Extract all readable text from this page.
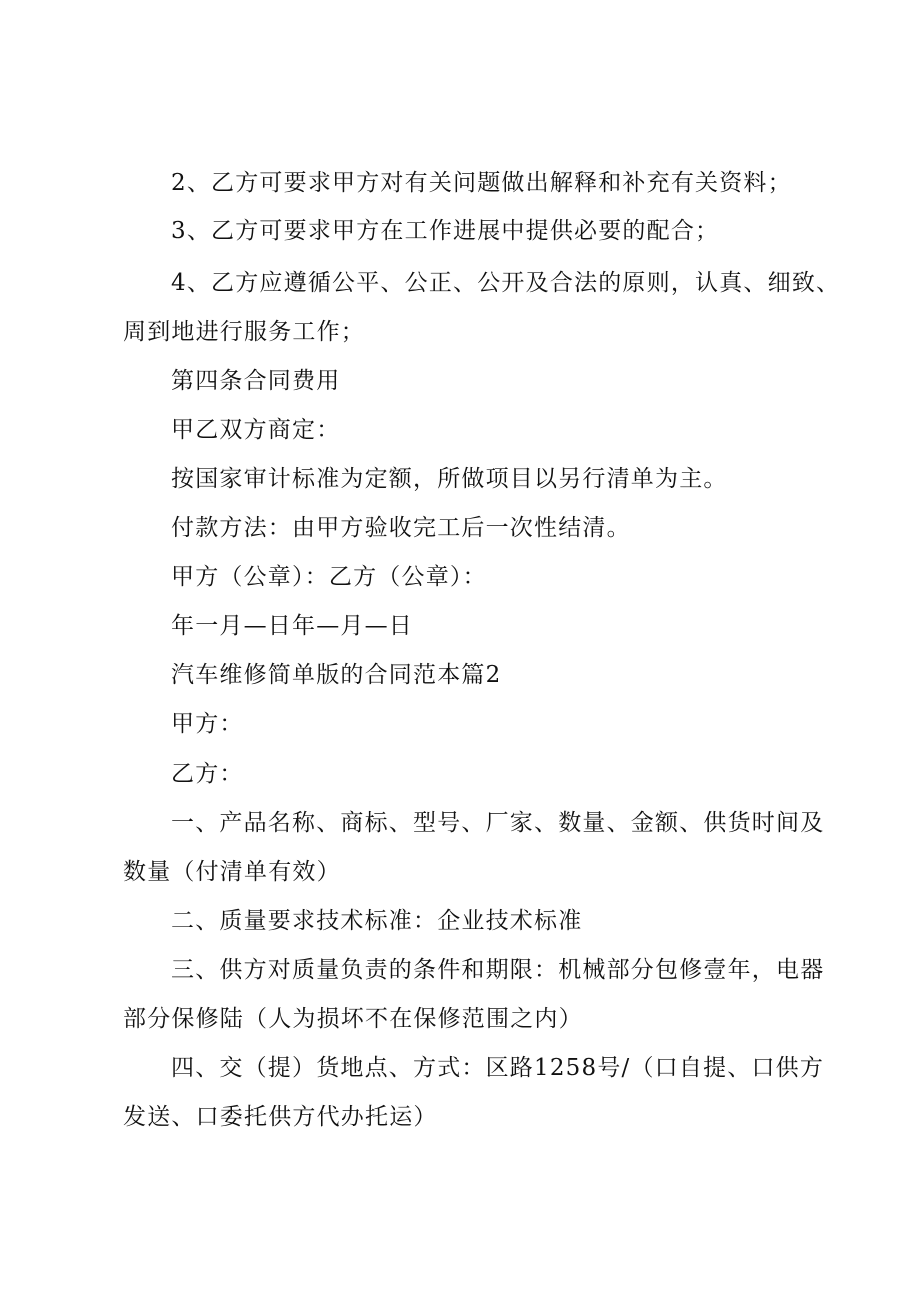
2、乙方可要求甲方对有关问题做出解释和补充有关资料；
3、乙方可要求甲方在工作进展中提供必要的配合；
4、乙方应遵循公平、公正、公开及合法的原则，认真、细致、
周到地进行服务工作；
第四条合同费用
甲乙双方商定：
按国家审计标准为定额，所做项目以另行清单为主。
付款方法：由甲方验收完工后一次性结清。
甲方（公章）：乙方（公章）：
年一月—日年—月—日
汽车维修简单版的合同范本篇2
甲方：
乙方：
一、产品名称、商标、型号、厂家、数量、金额、供货时间及
数量（付清单有效）
二、质量要求技术标准：企业技术标准
三、供方对质量负责的条件和期限：机械部分包修壹年，电器
部分保修陆（人为损坏不在保修范围之内）
四、交（提）货地点、方式：区路1258号/（口自提、口供方
发送、口委托供方代办托运）
